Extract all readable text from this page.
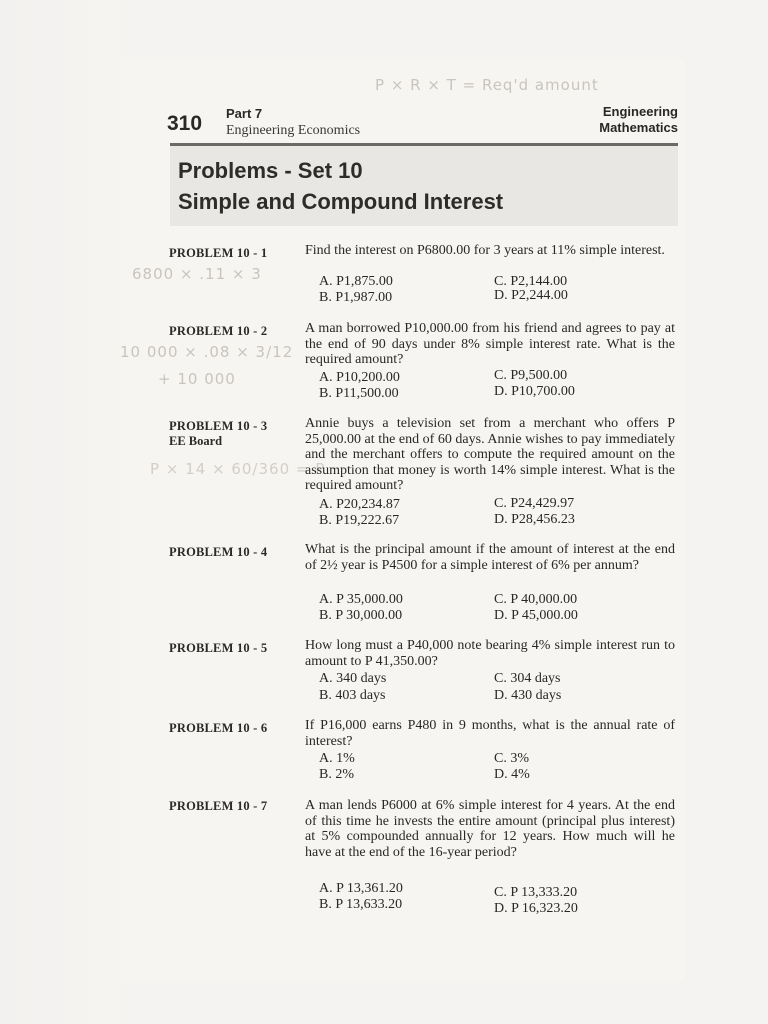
P × R × T = Req'd amount
6800 × .11 × 3
10 000 × .08 × 3/12
+ 10 000
P × 14 × 60/360 = P
310 Part 7
Engineering Economics
Engineering
Mathematics
Problems - Set 10
Simple and Compound Interest
PROBLEM 10 - 1	Find the interest on P6800.00 for 3 years at 11% simple interest.
A. P1,875.00	C. P2,144.00
B. P1,987.00	D. P2,244.00
PROBLEM 10 - 2	A man borrowed P10,000.00 from his friend and agrees to pay at the end of 90 days under 8% simple interest rate. What is the required amount?
A. P10,200.00	C. P9,500.00
B. P11,500.00	D. P10,700.00
PROBLEM 10 - 3
EE Board
Annie buys a television set from a merchant who offers P 25,000.00 at the end of 60 days. Annie wishes to pay immediately and the merchant offers to compute the required amount on the assumption that money is worth 14% simple interest. What is the required amount?
A. P20,234.87	C. P24,429.97
B. P19,222.67	D. P28,456.23
PROBLEM 10 - 4	What is the principal amount if the amount of interest at the end of 2½ year is P4500 for a simple interest of 6% per annum?
A. P 35,000.00	C. P 40,000.00
B. P 30,000.00	D. P 45,000.00
PROBLEM 10 - 5	How long must a P40,000 note bearing 4% simple interest run to amount to P 41,350.00?
A. 340 days	C. 304 days
B. 403 days	D. 430 days
PROBLEM 10 - 6	If P16,000 earns P480 in 9 months, what is the annual rate of interest?
A. 1%	C. 3%
B. 2%	D. 4%
PROBLEM 10 - 7	A man lends P6000 at 6% simple interest for 4 years. At the end of this time he invests the entire amount (principal plus interest) at 5% compounded annually for 12 years. How much will he have at the end of the 16-year period?
A. P 13,361.20	C. P 13,333.20
B. P 13,633.20	D. P 16,323.20
